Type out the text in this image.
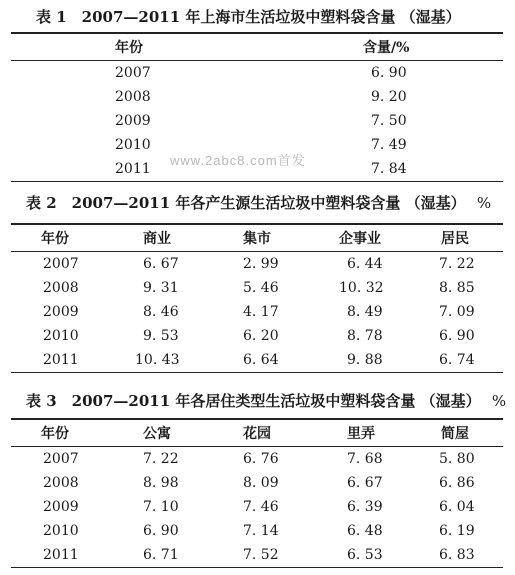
表 1　2007—2011 年上海市生活垃圾中塑料袋含量 （湿基）
年份	含量/%
2007	6. 90
2008	9. 20
2009	7. 50
2010	7. 49
2011	7. 84
www.2abc8.com首发
表 2　2007—2011 年各产生源生活垃圾中塑料袋含量 （湿基） %
年份	商业	集市	企事业	居民
2007	6. 67	2. 99	6. 44	7. 22
2008	9. 31	5. 46	10. 32	8. 85
2009	8. 46	4. 17	8. 49	7. 09
2010	9. 53	6. 20	8. 78	6. 90
2011	10. 43	6. 64	9. 88	6. 74
表 3　2007—2011 年各居住类型生活垃圾中塑料袋含量 （湿基） %
年份	公寓	花园	里弄	简屋
2007	7. 22	6. 76	7. 68	5. 80
2008	8. 98	8. 09	6. 67	6. 86
2009	7. 10	7. 46	6. 39	6. 04
2010	6. 90	7. 14	6. 48	6. 19
2011	6. 71	7. 52	6. 53	6. 83
